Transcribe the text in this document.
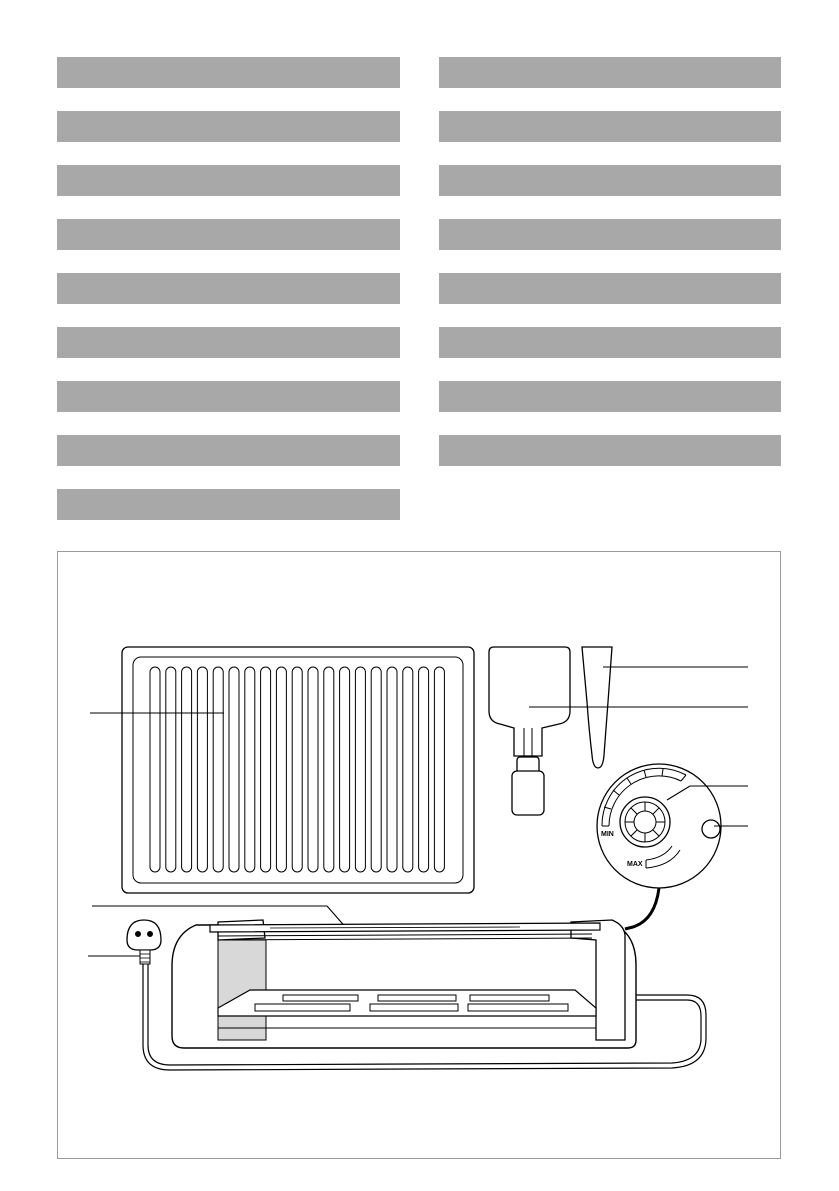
MIN
MAX
